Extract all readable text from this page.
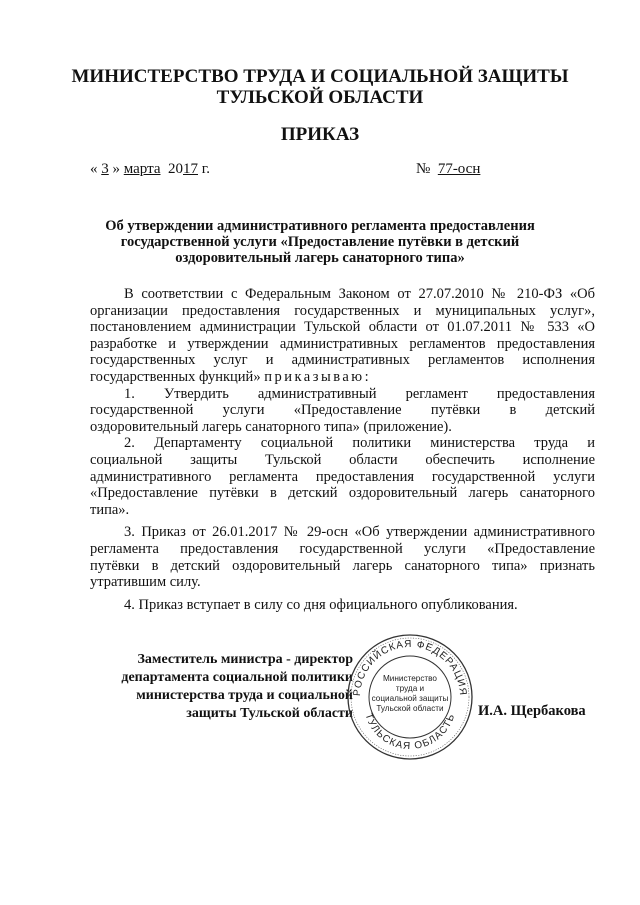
МИНИСТЕРСТВО ТРУДА И СОЦИАЛЬНОЙ ЗАЩИТЫ
ТУЛЬСКОЙ ОБЛАСТИ
ПРИКАЗ
« 3 » марта 2017 г.	№ 77-осн
Об утверждении административного регламента предоставления
государственной услуги «Предоставление путёвки в детский
оздоровительный лагерь санаторного типа»

В соответствии с Федеральным Законом от 27.07.2010 № 210-ФЗ «Об

организации предоставления государственных и муниципальных услуг»,

постановлением администрации Тульской области от 01.07.2011 № 533 «О

разработке и утверждении административных регламентов предоставления

государственных услуг и административных регламентов исполнения

государственных функций» приказываю:

1. Утвердить административный регламент предоставления

государственной услуги «Предоставление путёвки в детский

оздоровительный лагерь санаторного типа» (приложение).

2. Департаменту социальной политики министерства труда и

социальной защиты Тульской области обеспечить исполнение

административного регламента предоставления государственной услуги

«Предоставление путёвки в детский оздоровительный лагерь санаторного

типа».

3. Приказ от 26.01.2017 № 29-осн «Об утверждении административного

регламента предоставления государственной услуги «Предоставление

путёвки в детский оздоровительный лагерь санаторного типа» признать

утратившим силу.

4. Приказ вступает в силу со дня официального опубликования.

Заместитель министра - директор
департамента социальной политики
министерства труда и социальной
защиты Тульской области
РОССИЙСКАЯ ФЕДЕРАЦИЯ
ТУЛЬСКАЯ ОБЛАСТЬ
Министерство
труда и
социальной защиты
Тульской области	И.А. Щербакова
